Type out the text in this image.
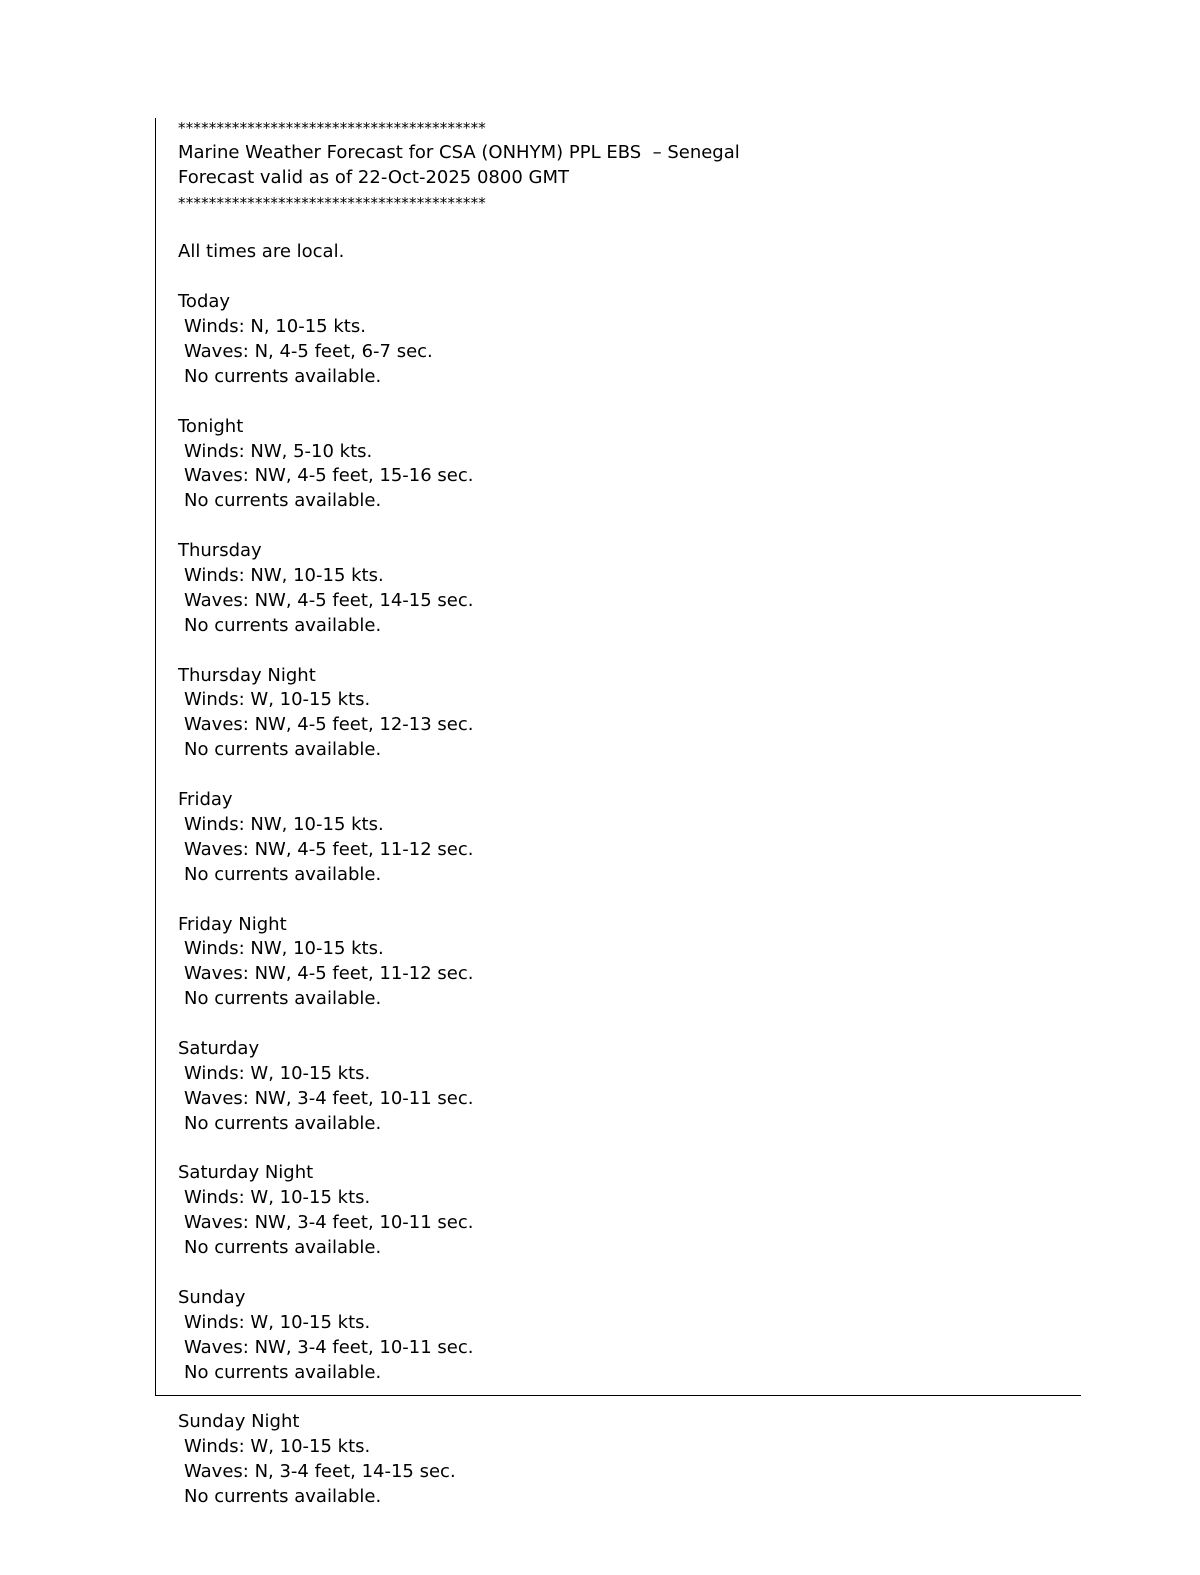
****************************************
Marine Weather Forecast for CSA (ONHYM) PPL EBS  – Senegal
Forecast valid as of 22-Oct-2025 0800 GMT
****************************************
All times are local.
Today
Winds: N, 10-15 kts.
Waves: N, 4-5 feet, 6-7 sec.
No currents available.
Tonight
Winds: NW, 5-10 kts.
Waves: NW, 4-5 feet, 15-16 sec.
No currents available.
Thursday
Winds: NW, 10-15 kts.
Waves: NW, 4-5 feet, 14-15 sec.
No currents available.
Thursday Night
Winds: W, 10-15 kts.
Waves: NW, 4-5 feet, 12-13 sec.
No currents available.
Friday
Winds: NW, 10-15 kts.
Waves: NW, 4-5 feet, 11-12 sec.
No currents available.
Friday Night
Winds: NW, 10-15 kts.
Waves: NW, 4-5 feet, 11-12 sec.
No currents available.
Saturday
Winds: W, 10-15 kts.
Waves: NW, 3-4 feet, 10-11 sec.
No currents available.
Saturday Night
Winds: W, 10-15 kts.
Waves: NW, 3-4 feet, 10-11 sec.
No currents available.
Sunday
Winds: W, 10-15 kts.
Waves: NW, 3-4 feet, 10-11 sec.
No currents available.
Sunday Night
Winds: W, 10-15 kts.
Waves: N, 3-4 feet, 14-15 sec.
No currents available.
